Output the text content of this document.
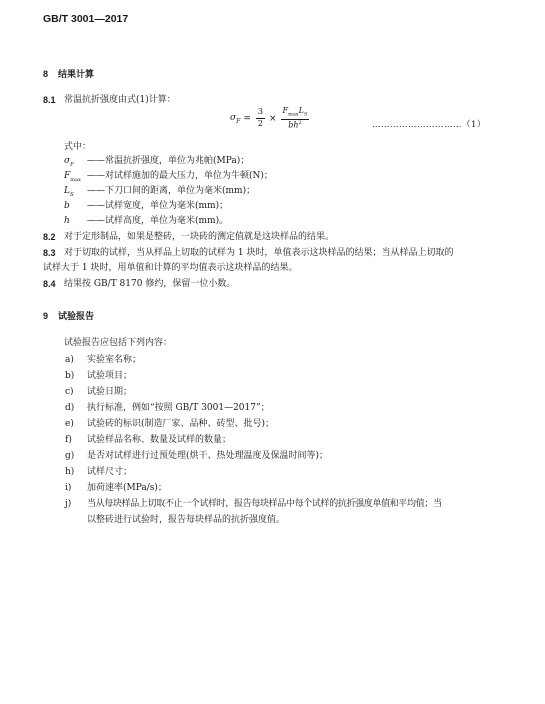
GB/T 3001—2017
8 结果计算
8.1 常温抗折强度由式(1)计算：
$\sigma_F = \frac{3}{2} \times \frac{F_{max}L_S}{bh^2}$	…………………………（1）
式中：
$\sigma_F$ ——常温抗折强度，单位为兆帕(MPa)；
$F_{max}$ ——对试样施加的最大压力，单位为牛顿(N)；
$L_S$ ——下刀口间的距离，单位为毫米(mm)；
b ——试样宽度，单位为毫米(mm)；
h ——试样高度，单位为毫米(mm)。
8.2 对于定形制品，如果是整砖，一块砖的测定值就是这块样品的结果。
8.3 对于切取的试样，当从样品上切取的试样为 1 块时，单值表示这块样品的结果；当从样品上切取的
试样大于 1 块时，用单值和计算的平均值表示这块样品的结果。
8.4 结果按 GB/T 8170 修约，保留一位小数。
9 试验报告
试验报告应包括下列内容：
a) 实验室名称；
b) 试验项目；
c) 试验日期；
d) 执行标准，例如“按照 GB/T 3001—2017”；
e) 试验砖的标识(制造厂家、品种、砖型、批号)；
f) 试验样品名称、数量及试样的数量；
g) 是否对试样进行过预处理(烘干、热处理温度及保温时间等)；
h) 试样尺寸；
i) 加荷速率(MPa/s)；
j) 当从每块样品上切取不止一个试样时，报告每块样品中每个试样的抗折强度单值和平均值；当
以整砖进行试验时，报告每块样品的抗折强度值。
